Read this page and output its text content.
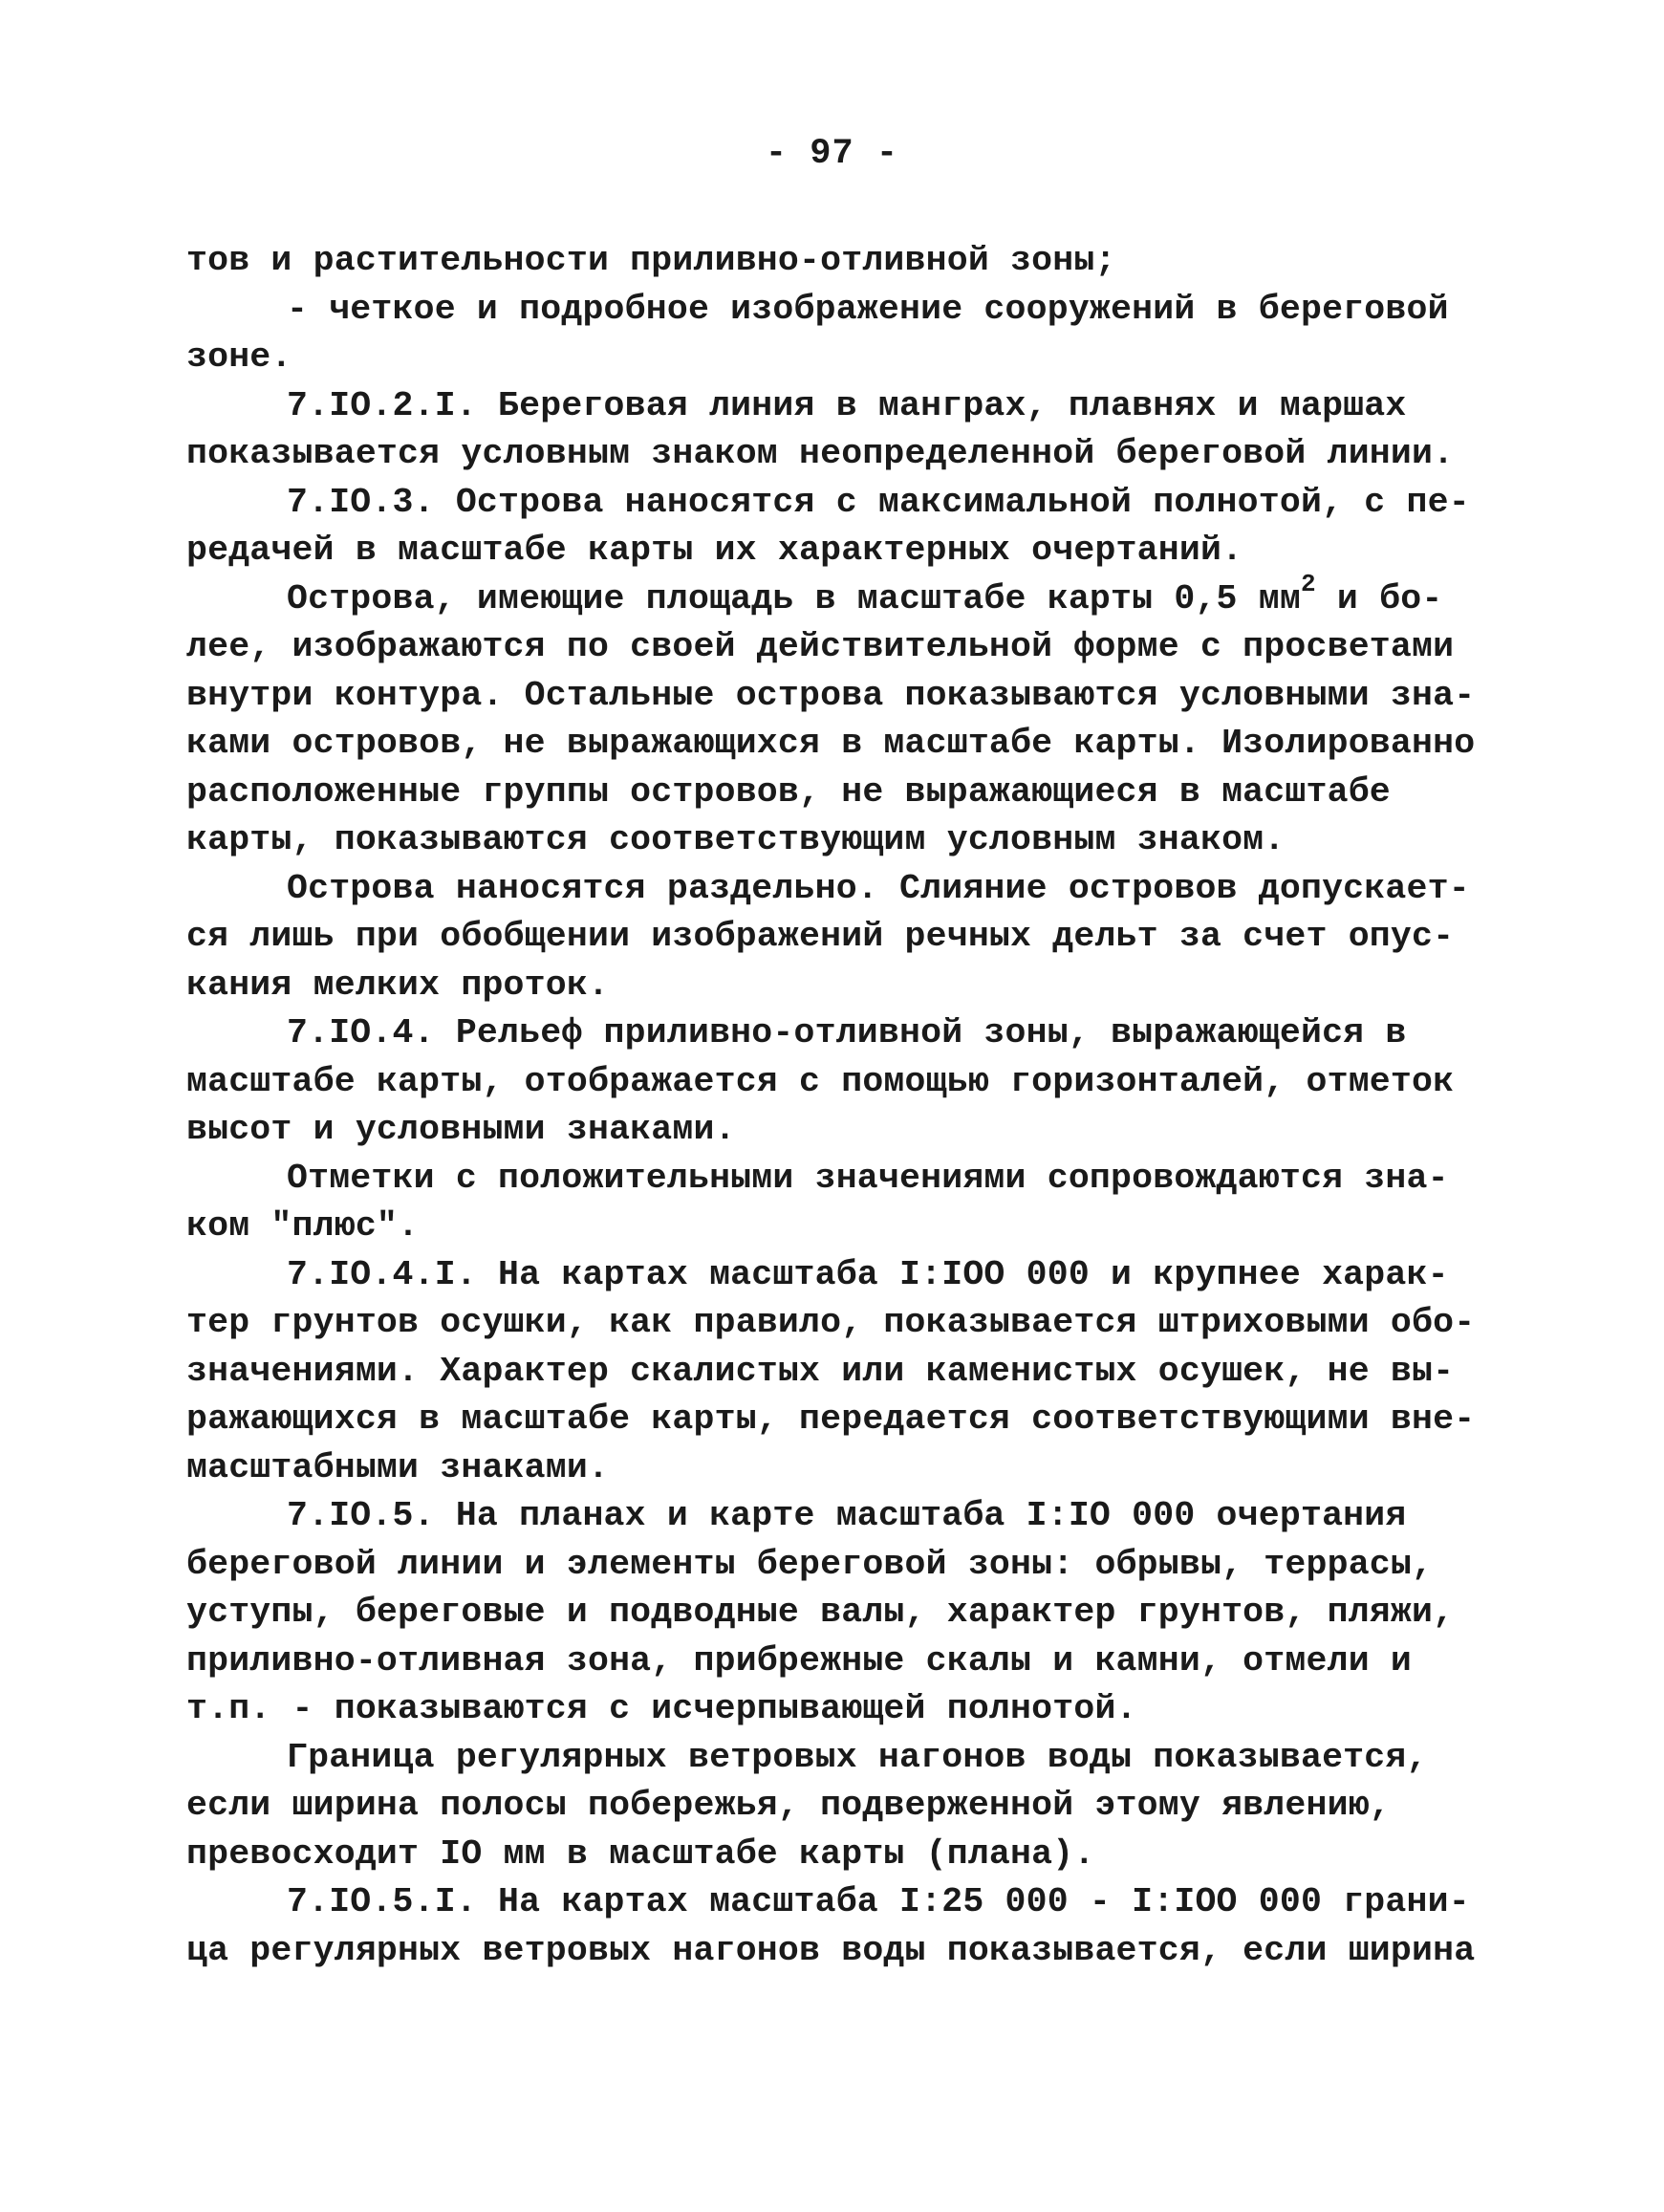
- 97 -
тов и растительности приливно-отливной зоны;
- четкое и подробное изображение сооружений в береговой
зоне.
7.IO.2.I. Береговая линия в манграх, плавнях и маршах
показывается условным знаком неопределенной береговой линии.
7.IO.3. Острова наносятся с максимальной полнотой, с пе-
редачей в масштабе карты их характерных очертаний.
Острова, имеющие площадь в масштабе карты 0,5 $мм^2$ и бо-
лее, изображаются по своей действительной форме с просветами
внутри контура. Остальные острова показываются условными зна-
ками островов, не выражающихся в масштабе карты. Изолированно
расположенные группы островов, не выражающиеся в масштабе
карты, показываются соответствующим условным знаком.
Острова наносятся раздельно. Слияние островов допускает-
ся лишь при обобщении изображений речных дельт за счет опус-
кания мелких проток.
7.IO.4. Рельеф приливно-отливной зоны, выражающейся в
масштабе карты, отображается с помощью горизонталей, отметок
высот и условными знаками.
Отметки с положительными значениями сопровождаются зна-
ком "плюс".
7.IO.4.I. На картах масштаба I:IOO 000 и крупнее харак-
тер грунтов осушки, как правило, показывается штриховыми обо-
значениями. Характер скалистых или каменистых осушек, не вы-
ражающихся в масштабе карты, передается соответствующими вне-
масштабными знаками.
7.IO.5. На планах и карте масштаба I:IO 000 очертания
береговой линии и элементы береговой зоны: обрывы, террасы,
уступы, береговые и подводные валы, характер грунтов, пляжи,
приливно-отливная зона, прибрежные скалы и камни, отмели и
т.п. - показываются с исчерпывающей полнотой.
Граница регулярных ветровых нагонов воды показывается,
если ширина полосы побережья, подверженной этому явлению,
превосходит IO мм в масштабе карты (плана).
7.IO.5.I. На картах масштаба I:25 000 - I:IOO 000 грани-
ца регулярных ветровых нагонов воды показывается, если ширина
